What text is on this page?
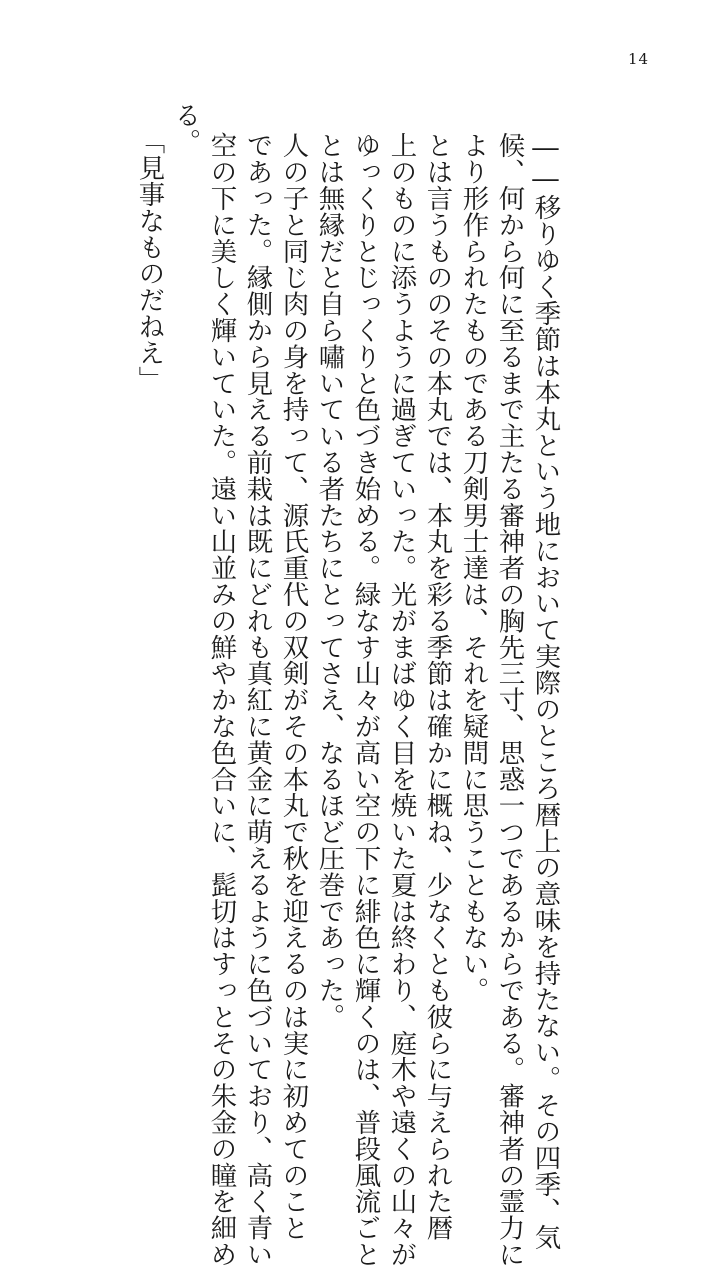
14
――移りゆく季節は本丸という地において実際のところ暦上の意味を持たない。その四季、気
候、何から何に至るまで主たる審神者の胸先三寸、思惑一つであるからである。審神者の霊力に
より形作られたものである刀剣男士達は、それを疑問に思うこともない。
とは言うもののその本丸では、本丸を彩る季節は確かに概ね、少なくとも彼らに与えられた暦
上のものに添うように過ぎていった。光がまばゆく目を焼いた夏は終わり、庭木や遠くの山々が
ゆっくりとじっくりと色づき始める。緑なす山々が高い空の下に緋色に輝くのは、普段風流ごと
とは無縁だと自ら嘯いている者たちにとってさえ、なるほど圧巻であった。
人の子と同じ肉の身を持って、源氏重代の双剣がその本丸で秋を迎えるのは実に初めてのこと
であった。縁側から見える前栽は既にどれも真紅に黄金に萌えるように色づいており、高く青い
空の下に美しく輝いていた。遠い山並みの鮮やかな色合いに、髭切はすっとその朱金の瞳を細め
る。
「見事なものだねえ」
